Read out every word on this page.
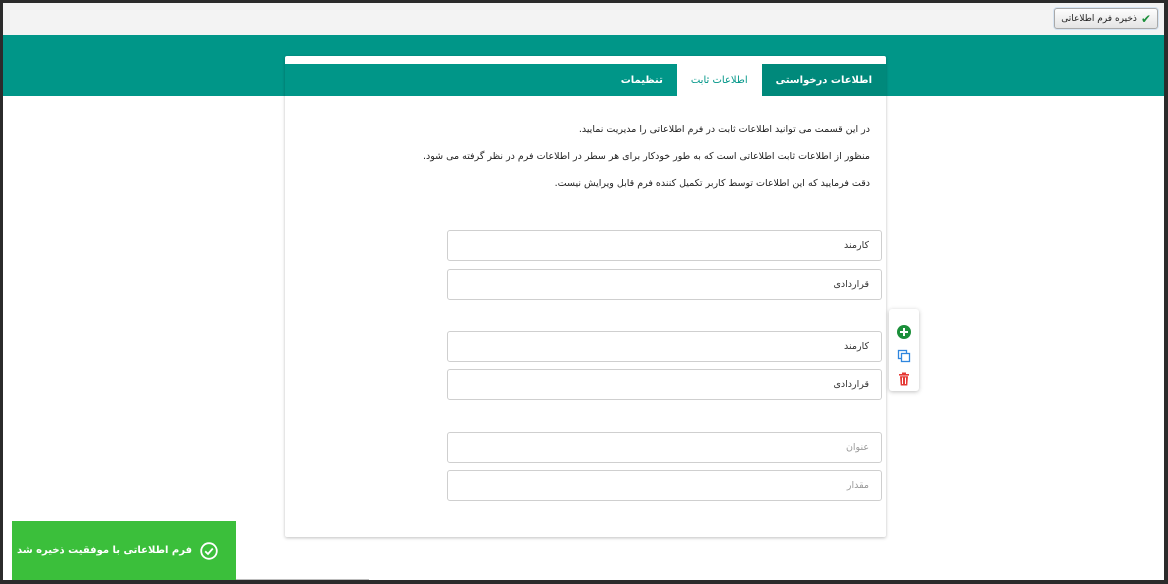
✔
ذخیره فرم اطلاعاتی
اطلاعات درخواستی
اطلاعات ثابت
تنظیمات

در این قسمت می توانید اطلاعات ثابت در فرم اطلاعاتی را مدیریت نمایید.

منظور از اطلاعات ثابت اطلاعاتی است که به طور خودکار برای هر سطر در اطلاعات فرم در نظر گرفته می شود.

دقت فرمایید که این اطلاعات توسط کاربر تکمیل کننده فرم قابل ویرایش نیست.

کارمند
قراردادی
کارمند
قراردادی
عنوان
مقدار
فرم اطلاعاتی با موفقیت ذخیره شد
